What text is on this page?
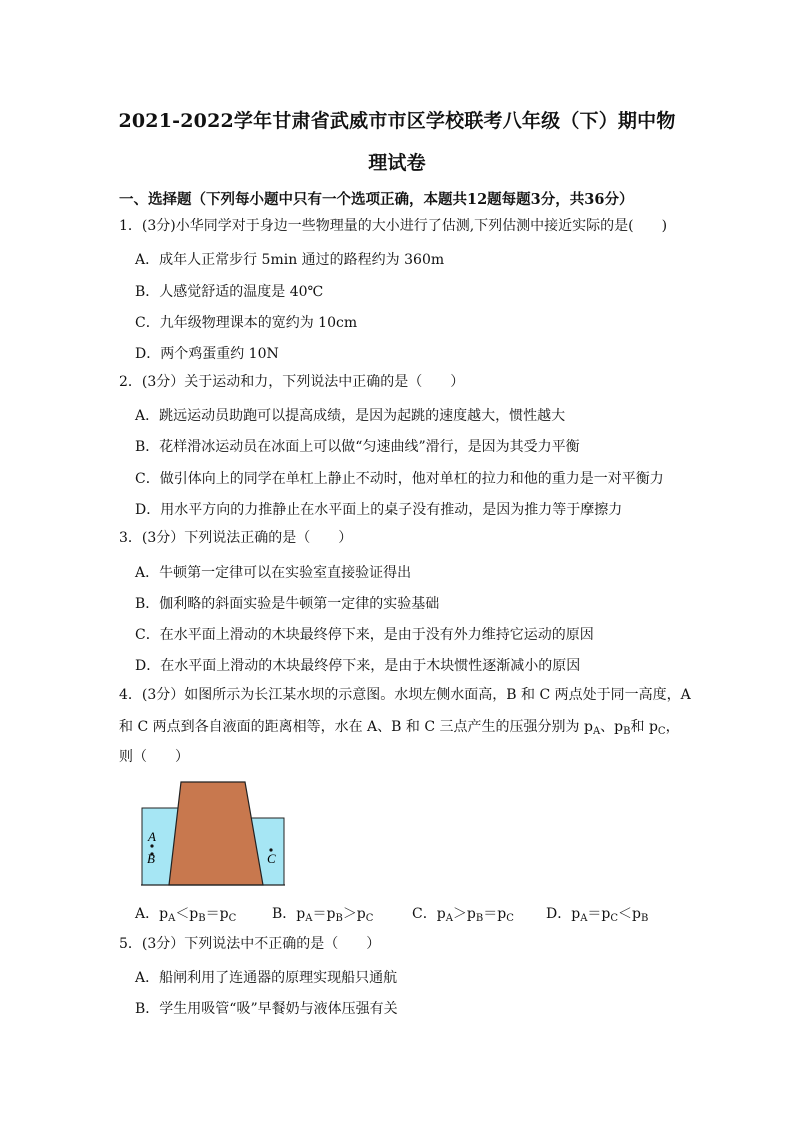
2021-2022学年甘肃省武威市市区学校联考八年级（下）期中物
理试卷
一、选择题（下列每小题中只有一个选项正确，本题共12题每题3分，共36分）
1．(3分)小华同学对于身边一些物理量的大小进行了估测,下列估测中接近实际的是(　　)
A．成年人正常步行 5min 通过的路程约为 360m
B．人感觉舒适的温度是 40℃
C．九年级物理课本的宽约为 10cm
D．两个鸡蛋重约 10N
2．(3分）关于运动和力，下列说法中正确的是（　　）
A．跳远运动员助跑可以提高成绩，是因为起跳的速度越大，惯性越大
B．花样滑冰运动员在冰面上可以做“匀速曲线”滑行，是因为其受力平衡
C．做引体向上的同学在单杠上静止不动时，他对单杠的拉力和他的重力是一对平衡力
D．用水平方向的力推静止在水平面上的桌子没有推动，是因为推力等于摩擦力
3．(3分）下列说法正确的是（　　）
A．牛顿第一定律可以在实验室直接验证得出
B．伽利略的斜面实验是牛顿第一定律的实验基础
C．在水平面上滑动的木块最终停下来，是由于没有外力维持它运动的原因
D．在水平面上滑动的木块最终停下来，是由于木块惯性逐渐减小的原因
4．(3分）如图所示为长江某水坝的示意图。水坝左侧水面高，B 和 C 两点处于同一高度，A
和 C 两点到各自液面的距离相等，水在 A、B 和 C 三点产生的压强分别为 $p_A$、$p_B$和 $p_C$，
则（　　）
A
B	C
A．$p_A<p_B=p_C$	B．$p_A=p_B>p_C$	C．$p_A>p_B=p_C$ D．$p_A=p_C<p_B$
5．(3分）下列说法中不正确的是（　　）
A．船闸利用了连通器的原理实现船只通航
B．学生用吸管“吸”早餐奶与液体压强有关
